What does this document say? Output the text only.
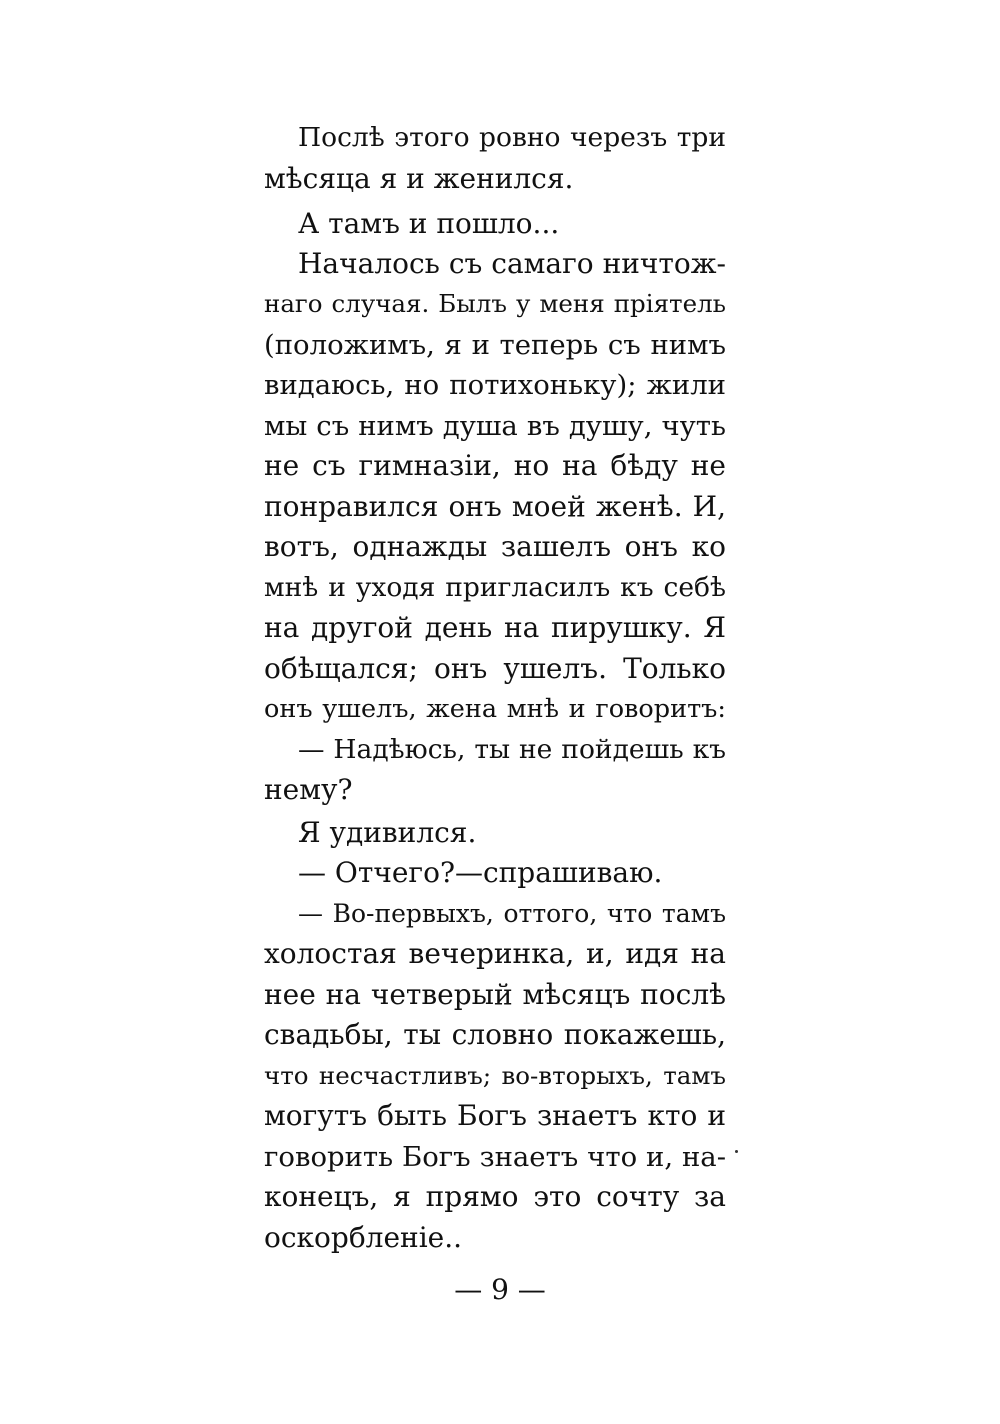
Послѣ этого ровно черезъ три
мѣсяца я и женился.
А тамъ и пошло...
Началось съ самаго ничтож-
наго случая. Былъ у меня пріятель
(положимъ, я и теперь съ нимъ
видаюсь, но потихоньку); жили
мы съ нимъ душа въ душу, чуть
не съ гимназіи, но на бѣду не
понравился онъ моей женѣ. И,
вотъ, однажды зашелъ онъ ко
мнѣ и уходя пригласилъ къ себѣ
на другой день на пирушку. Я
обѣщался; онъ ушелъ. Только
онъ ушелъ, жена мнѣ и говоритъ:
— Надѣюсь, ты не пойдешь къ
нему?
Я удивился.
— Отчего?—спрашиваю.
— Во-первыхъ, оттого, что тамъ
холостая вечеринка, и, идя на
нее на четверый мѣсяцъ послѣ
свадьбы, ты словно покажешь,
что несчастливъ; во-вторыхъ, тамъ
могутъ быть Богъ знаетъ кто и
говорить Богъ знаетъ что и, на-
конецъ, я прямо это сочту за
оскорбленіе..
— 9 —
